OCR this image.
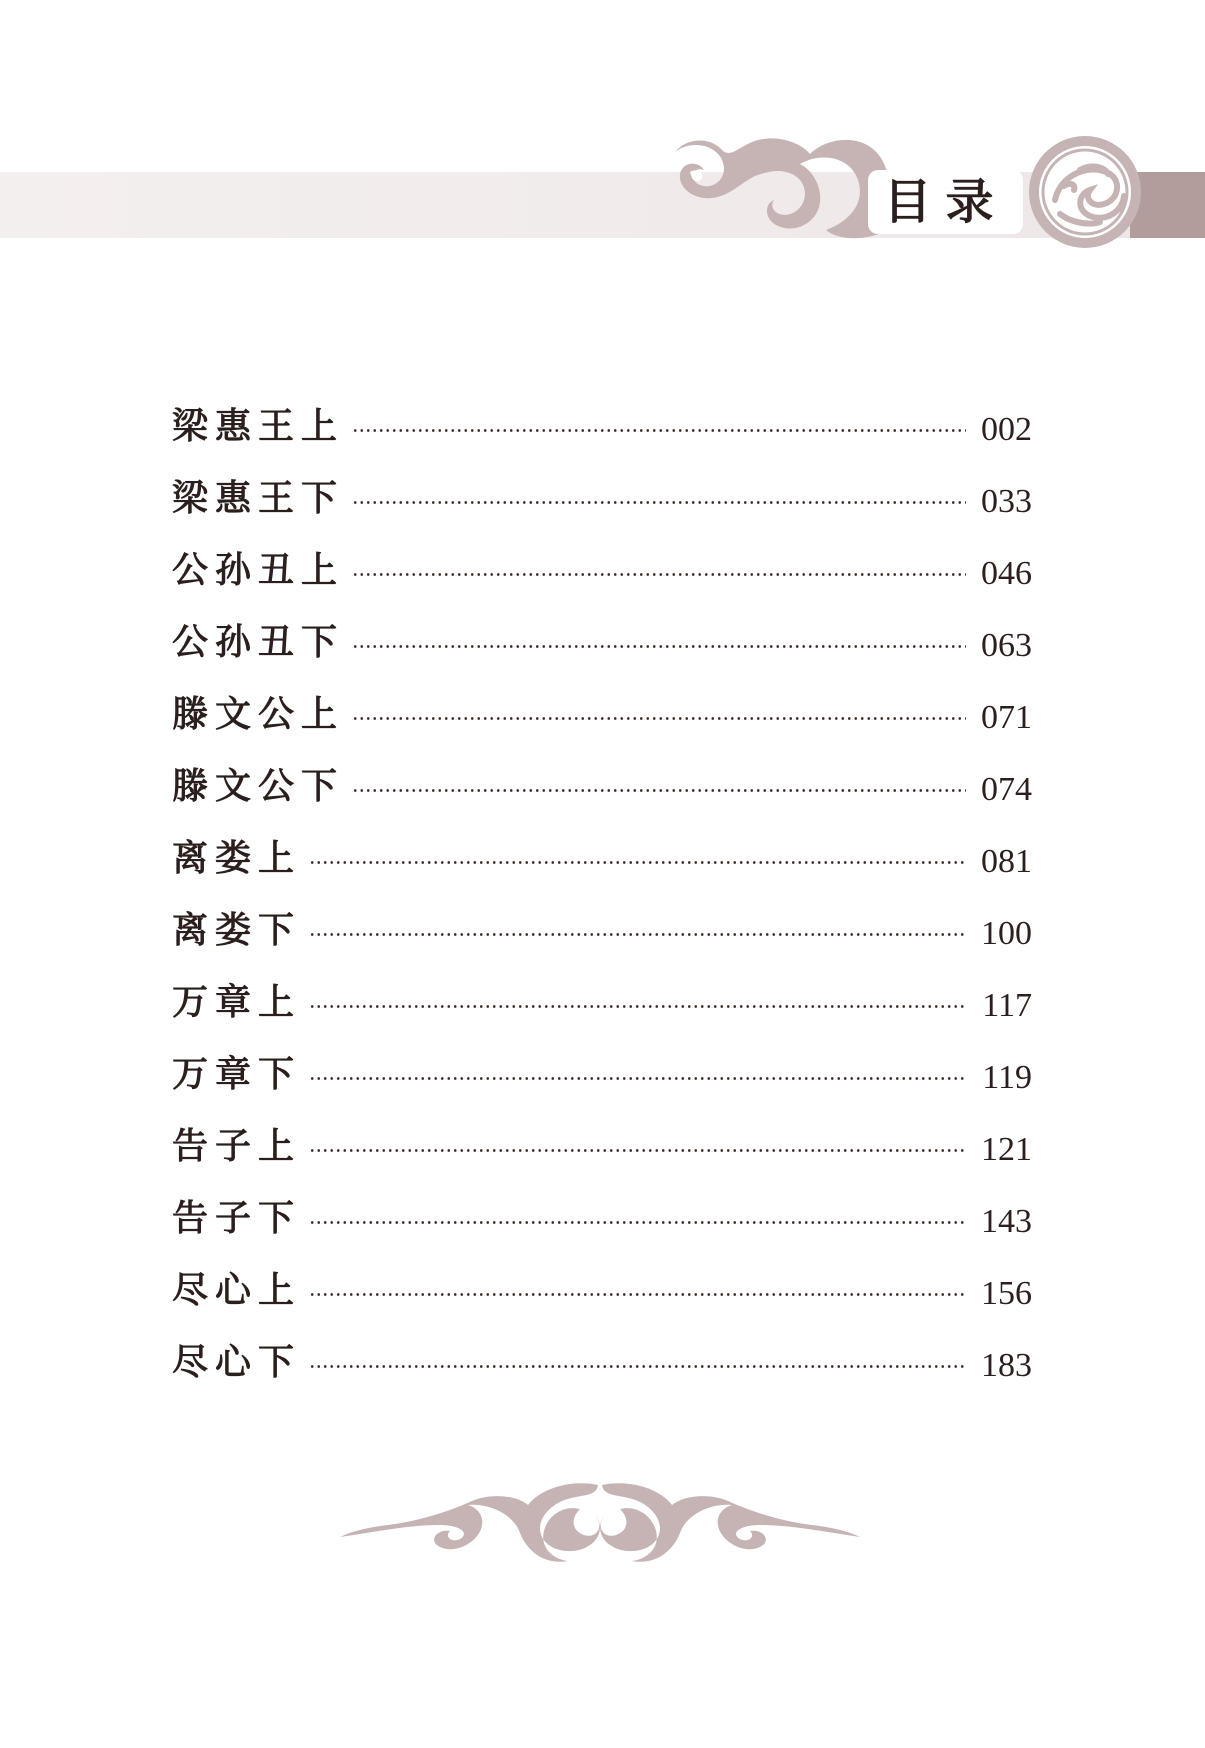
目录
梁惠王上	002
梁惠王下	033
公孙丑上	046
公孙丑下	063
滕文公上	071
滕文公下	074
离娄上	081
离娄下	100
万章上	117
万章下	119
告子上	121
告子下	143
尽心上	156
尽心下	183
